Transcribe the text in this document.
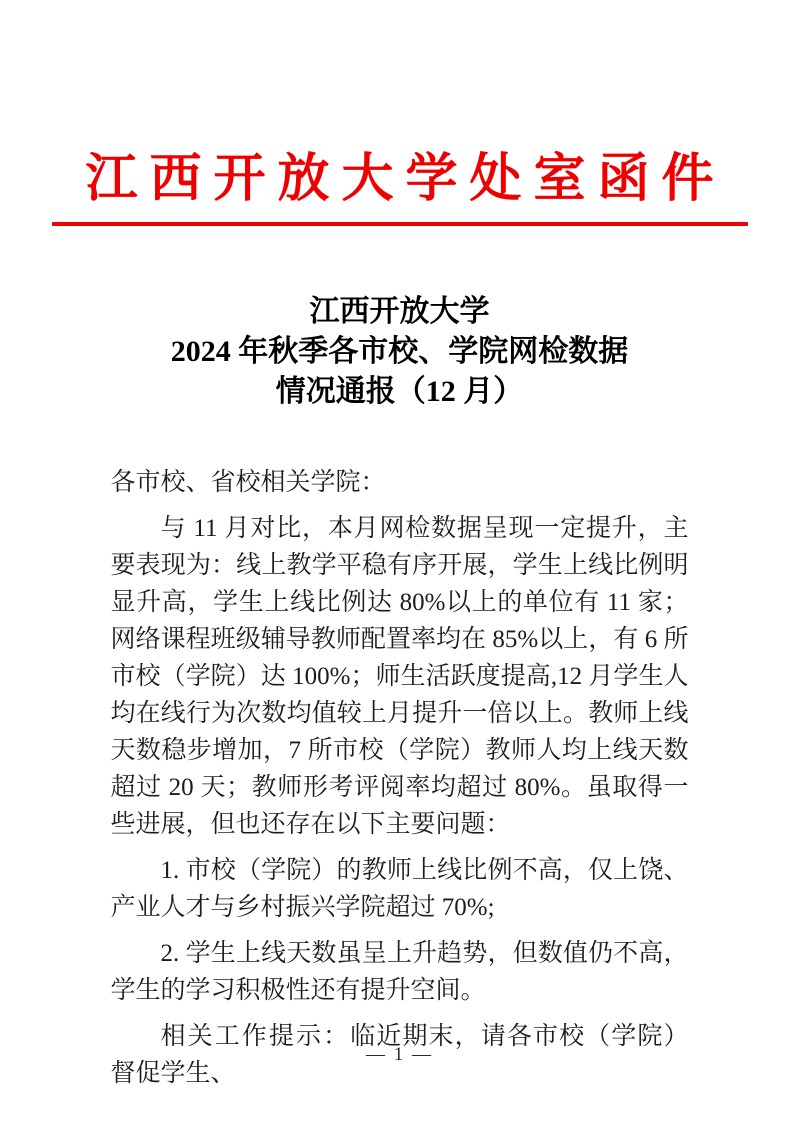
江西开放大学处室函件
江西开放大学
2024 年秋季各市校、学院网检数据
情况通报（12 月）

各市校、省校相关学院：

与 11 月对比，本月网检数据呈现一定提升，主要表现为：线上教学平稳有序开展，学生上线比例明显升高，学生上线比例达 80%以上的单位有 11 家；网络课程班级辅导教师配置率均在 85%以上，有 6 所市校（学院）达 100%；师生活跃度提高,12 月学生人均在线行为次数均值较上月提升一倍以上。教师上线天数稳步增加，7 所市校（学院）教师人均上线天数超过 20 天；教师形考评阅率均超过 80%。虽取得一些进展，但也还存在以下主要问题：

1. 市校（学院）的教师上线比例不高，仅上饶、产业人才与乡村振兴学院超过 70%;

2. 学生上线天数虽呈上升趋势，但数值仍不高，学生的学习积极性还有提升空间。

相关工作提示：临近期末，请各市校（学院）督促学生、

— 1 —
